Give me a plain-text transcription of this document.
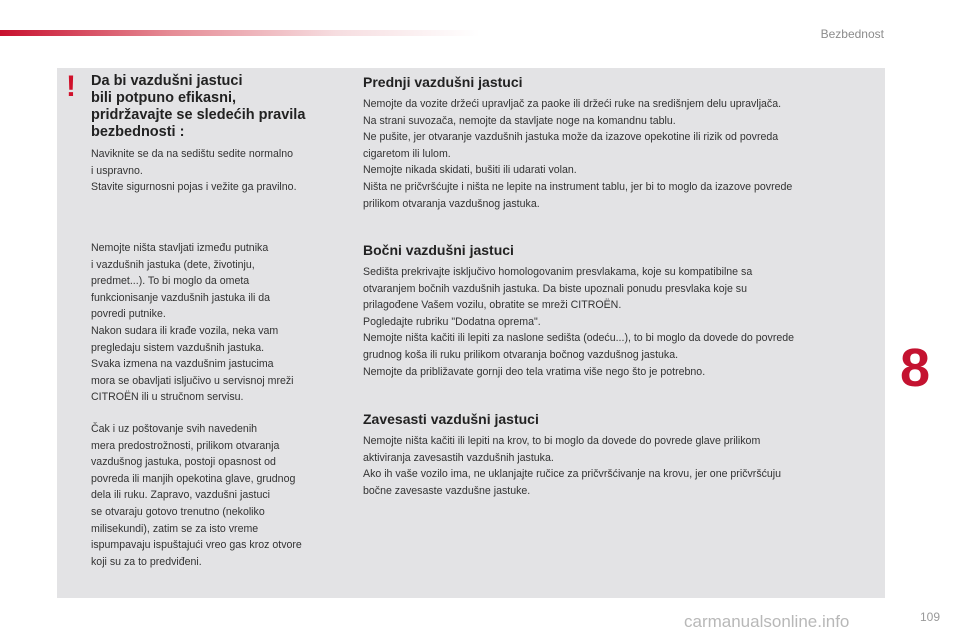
Bezbednost
! Da bi vazdušni jastuci
bili potpuno efikasni,
pridržavajte se sledećih pravila
bezbednosti :
Naviknite se da na sedištu sedite normalno
i uspravno.
Stavite sigurnosni pojas i vežite ga pravilno.
Nemojte ništa stavljati između putnika
i vazdušnih jastuka (dete, životinju,
predmet...). To bi moglo da ometa
funkcionisanje vazdušnih jastuka ili da
povredi putnike.
Nakon sudara ili krađe vozila, neka vam
pregledaju sistem vazdušnih jastuka.
Svaka izmena na vazdušnim jastucima
mora se obavljati isljučivo u servisnoj mreži
CITROËN ili u stručnom servisu.
Čak i uz poštovanje svih navedenih
mera predostrožnosti, prilikom otvaranja
vazdušnog jastuka, postoji opasnost od
povreda ili manjih opekotina glave, grudnog
dela ili ruku. Zapravo, vazdušni jastuci
se otvaraju gotovo trenutno (nekoliko
milisekundi), zatim se za isto vreme
ispumpavaju ispuštajući vreo gas kroz otvore
koji su za to predviđeni.
Prednji vazdušni jastuci
Nemojte da vozite držeći upravljač za paoke ili držeći ruke na središnjem delu upravljača.
Na strani suvozača, nemojte da stavljate noge na komandnu tablu.
Ne pušite, jer otvaranje vazdušnih jastuka može da izazove opekotine ili rizik od povreda
cigaretom ili lulom.
Nemojte nikada skidati, bušiti ili udarati volan.
Ništa ne pričvršćujte i ništa ne lepite na instrument tablu, jer bi to moglo da izazove povrede
prilikom otvaranja vazdušnog jastuka.
Bočni vazdušni jastuci
Sedišta prekrivajte isključivo homologovanim presvlakama, koje su kompatibilne sa
otvaranjem bočnih vazdušnih jastuka. Da biste upoznali ponudu presvlaka koje su
prilagođene Vašem vozilu, obratite se mreži CITROËN.
Pogledajte rubriku "Dodatna oprema".
Nemojte ništa kačiti ili lepiti za naslone sedišta (odeću...), to bi moglo da dovede do povrede
grudnog koša ili ruku prilikom otvaranja bočnog vazdušnog jastuka.
Nemojte da približavate gornji deo tela vratima više nego što je potrebno.
Zavesasti vazdušni jastuci
Nemojte ništa kačiti ili lepiti na krov, to bi moglo da dovede do povrede glave prilikom
aktiviranja zavesastih vazdušnih jastuka.
Ako ih vaše vozilo ima, ne uklanjajte ručice za pričvršćivanje na krovu, jer one pričvršćuju
bočne zavesaste vazdušne jastuke.
8
carmanualsonline.info	109
